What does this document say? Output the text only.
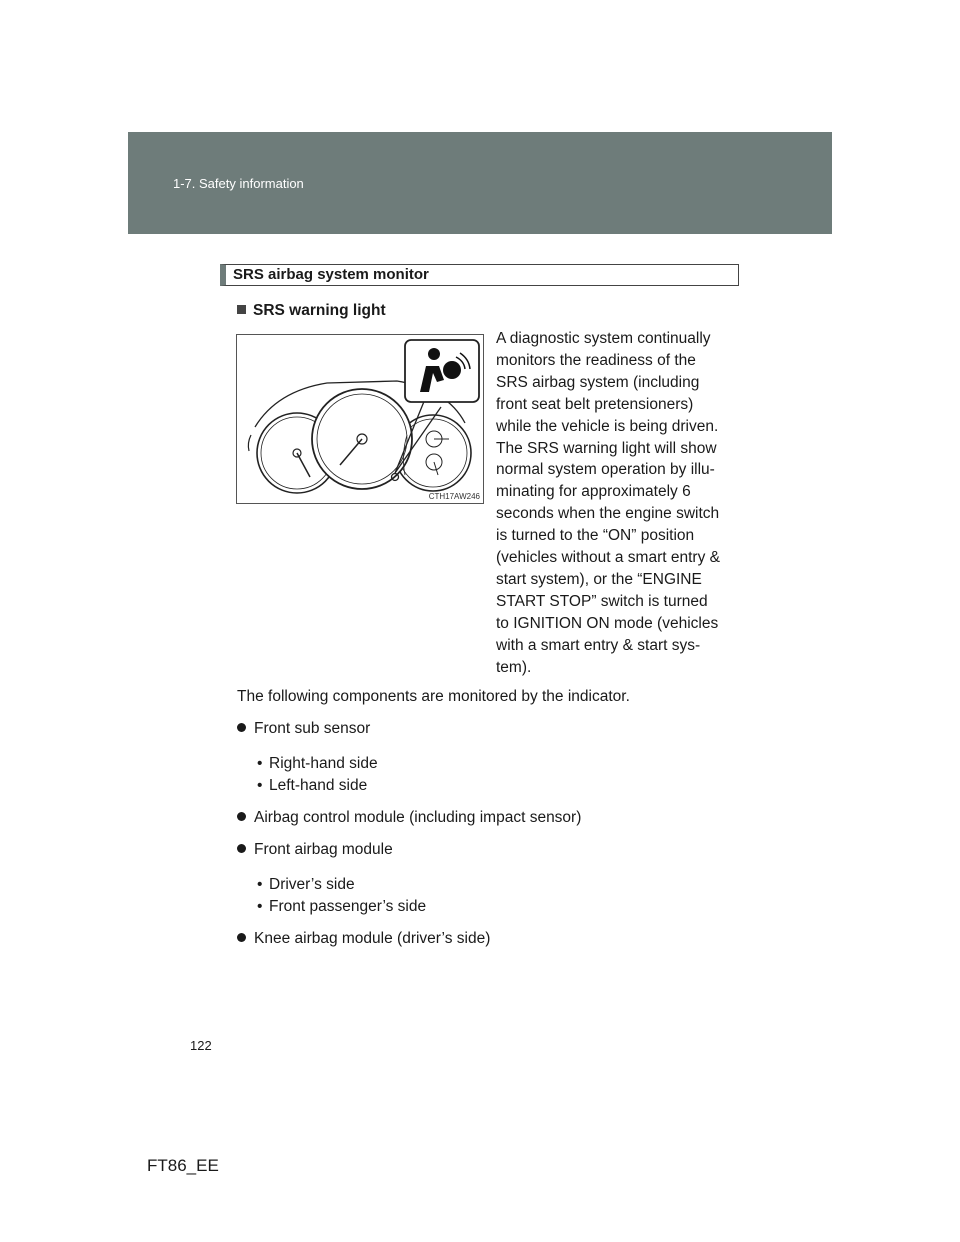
1-7. Safety information
SRS airbag system monitor
SRS warning light
CTH17AW246
A diagnostic system continually
monitors the readiness of the
SRS airbag system (including
front seat belt pretensioners)
while the vehicle is being driven.
The SRS warning light will show
normal system operation by illu-
minating for approximately 6
seconds when the engine switch
is turned to the “ON” position
(vehicles without a smart entry &
start system), or the “ENGINE
START STOP” switch is turned
to IGNITION ON mode (vehicles
with a smart entry & start sys-
tem).

The following components are monitored by the indicator.

Front sub sensor
• Right-hand side
• Left-hand side
Airbag control module (including impact sensor)
Front airbag module
• Driver’s side
• Front passenger’s side
Knee airbag module (driver’s side)
122
FT86_EE
